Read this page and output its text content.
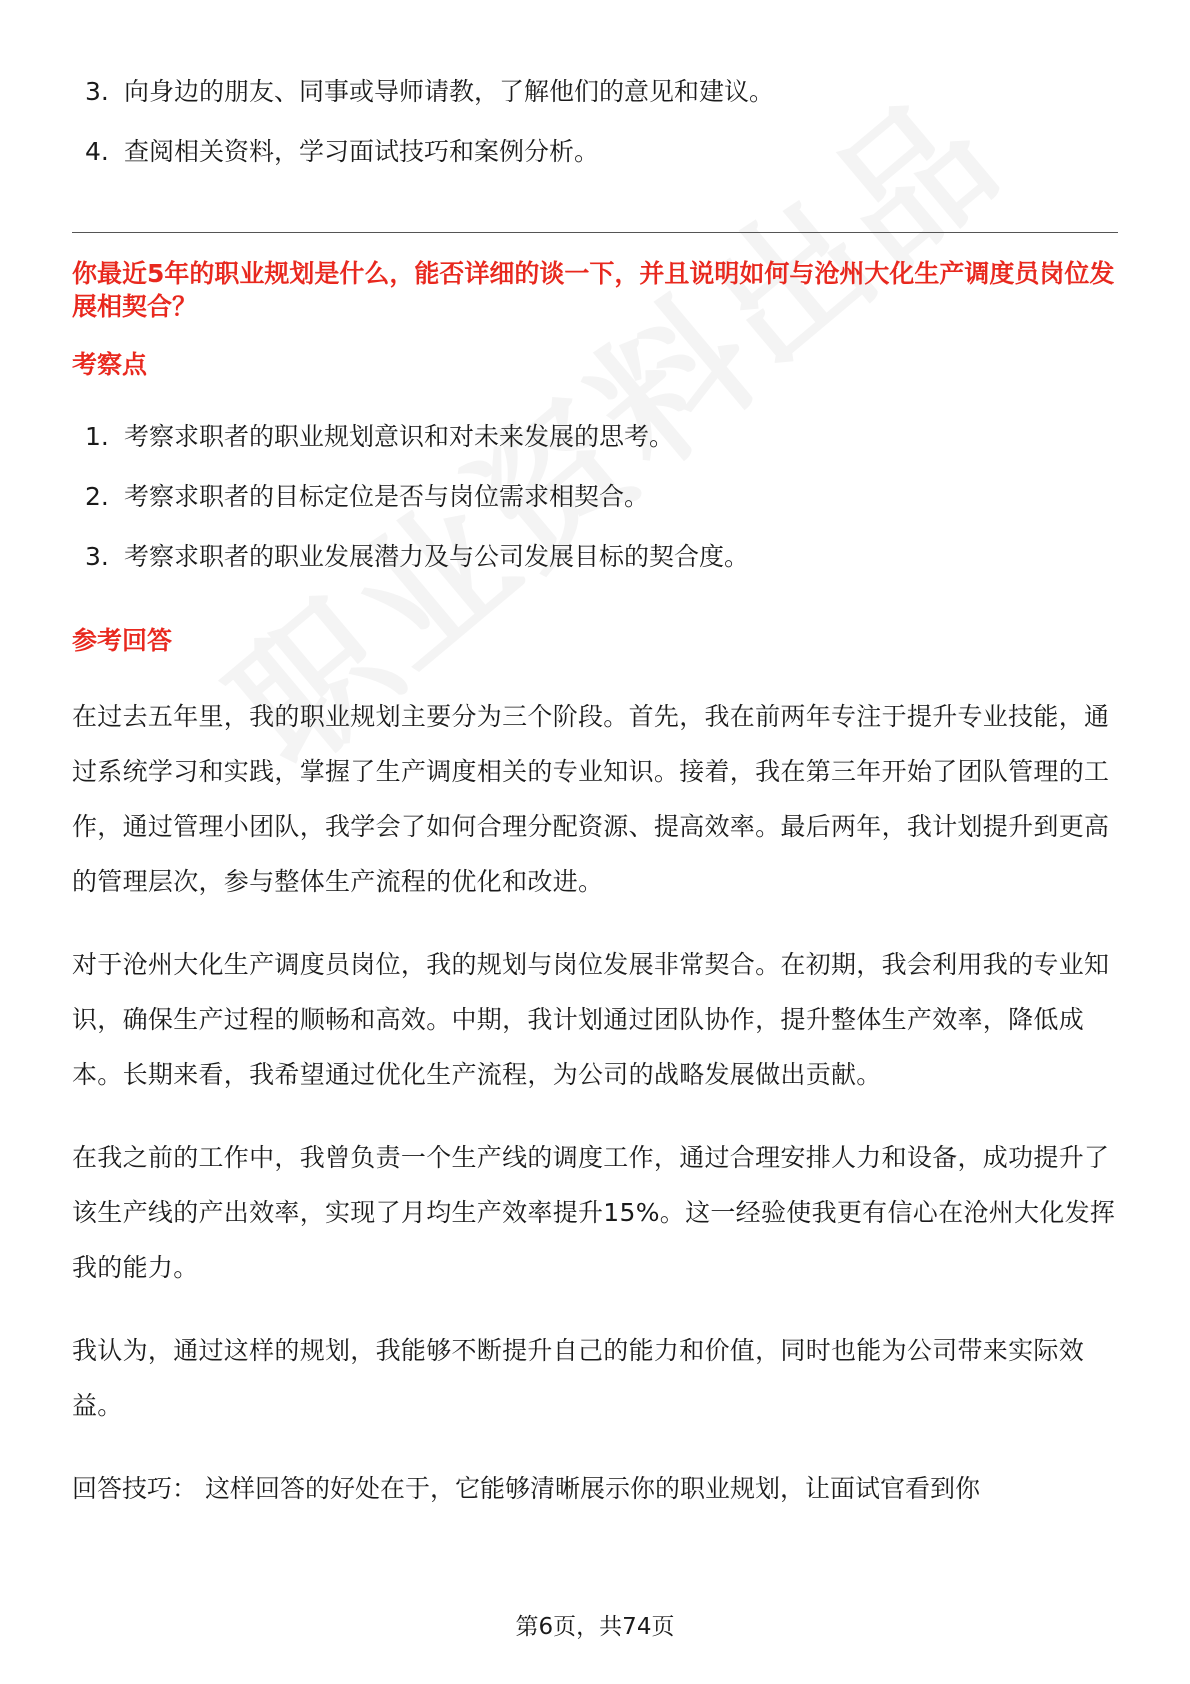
3. 向身边的朋友、同事或导师请教，了解他们的意见和建议。
4. 查阅相关资料，学习面试技巧和案例分析。

你最近5年的职业规划是什么，能否详细的谈一下，并且说明如何与沧州大化生产调度员岗位发展相契合？

考察点

1. 考察求职者的职业规划意识和对未来发展的思考。
2. 考察求职者的目标定位是否与岗位需求相契合。
3. 考察求职者的职业发展潜力及与公司发展目标的契合度。

参考回答

在过去五年里，我的职业规划主要分为三个阶段。首先，我在前两年专注于提升专业技能，通过系统学习和实践，掌握了生产调度相关的专业知识。接着，我在第三年开始了团队管理的工作，通过管理小团队，我学会了如何合理分配资源、提高效率。最后两年，我计划提升到更高的管理层次，参与整体生产流程的优化和改进。

对于沧州大化生产调度员岗位，我的规划与岗位发展非常契合。在初期，我会利用我的专业知识，确保生产过程的顺畅和高效。中期，我计划通过团队协作，提升整体生产效率，降低成本。长期来看，我希望通过优化生产流程，为公司的战略发展做出贡献。

在我之前的工作中，我曾负责一个生产线的调度工作，通过合理安排人力和设备，成功提升了该生产线的产出效率，实现了月均生产效率提升15%。这一经验使我更有信心在沧州大化发挥我的能力。

我认为，通过这样的规划，我能够不断提升自己的能力和价值，同时也能为公司带来实际效益。

回答技巧： 这样回答的好处在于，它能够清晰展示你的职业规划，让面试官看到你

第6页，共74页
